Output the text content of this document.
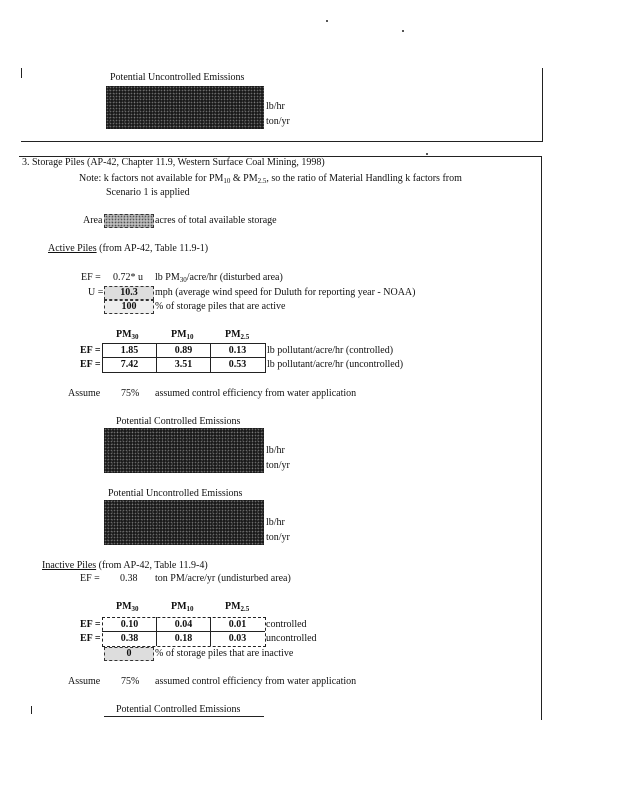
Potential Uncontrolled Emissions
lb/hr
ton/yr
3. Storage Piles (AP-42, Chapter 11.9, Western Surface Coal Mining, 1998)
Note: k factors not available for $PM_{10}$ & $PM_{2.5}$, so the ratio of Material Handling k factors from
Scenario 1 is applied
Area	acres of total available storage
Active Piles (from AP-42, Table 11.9-1)
EF = 0.72* u lb $PM_{30}/acre/hr$ (disturbed area)
U =	10.3	mph (average wind speed for Duluth for reporting year - NOAA)
100	% of storage piles that are active
$PM_{30}$	$PM_{10}$	$PM_{2.5}$
EF =	1.85	0.89	0.13	lb pollutant/acre/hr (controlled)
EF =	7.42	3.51	0.53	lb pollutant/acre/hr (uncontrolled)
Assume 75% assumed control efficiency from water application
Potential Controlled Emissions
lb/hr
ton/yr
Potential Uncontrolled Emissions
lb/hr
ton/yr
Inactive Piles (from AP-42, Table 11.9-4)
EF = 0.38 ton PM/acre/yr (undisturbed area)
$PM_{30}$	$PM_{10}$	$PM_{2.5}$
EF =	0.10	0.04	0.01	controlled
EF =	0.38	0.18	0.03	uncontrolled
0	% of storage piles that are inactive
Assume 75% assumed control efficiency from water application
Potential Controlled Emissions
